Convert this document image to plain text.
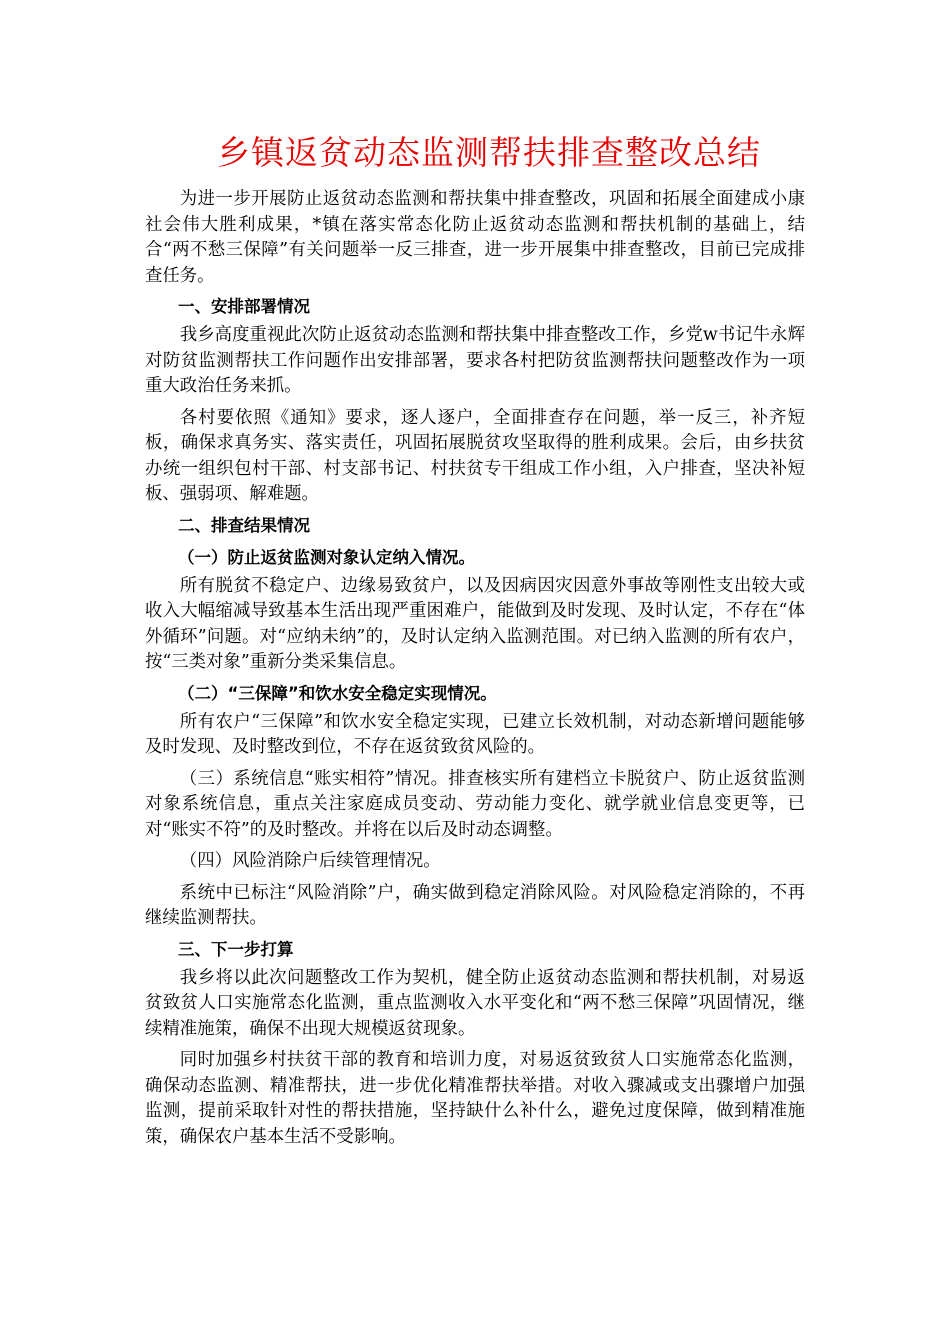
乡镇返贫动态监测帮扶排查整改总结

为进一步开展防止返贫动态监测和帮扶集中排查整改，巩固和拓展全面建成小康社会伟大胜利成果，*镇在落实常态化防止返贫动态监测和帮扶机制的基础上，结合“两不愁三保障”有关问题举一反三排查，进一步开展集中排查整改，目前已完成排查任务。

一、安排部署情况

我乡高度重视此次防止返贫动态监测和帮扶集中排查整改工作，乡党w书记牛永辉对防贫监测帮扶工作问题作出安排部署，要求各村把防贫监测帮扶问题整改作为一项重大政治任务来抓。

各村要依照《通知》要求，逐人逐户，全面排查存在问题，举一反三，补齐短板，确保求真务实、落实责任，巩固拓展脱贫攻坚取得的胜利成果。会后，由乡扶贫办统一组织包村干部、村支部书记、村扶贫专干组成工作小组，入户排查，坚决补短板、强弱项、解难题。

二、排查结果情况
（一）防止返贫监测对象认定纳入情况。

所有脱贫不稳定户、边缘易致贫户，以及因病因灾因意外事故等刚性支出较大或收入大幅缩减导致基本生活出现严重困难户，能做到及时发现、及时认定，不存在“体外循环”问题。对“应纳未纳”的，及时认定纳入监测范围。对已纳入监测的所有农户，按“三类对象”重新分类采集信息。

（二）“三保障”和饮水安全稳定实现情况。

所有农户“三保障”和饮水安全稳定实现，已建立长效机制，对动态新增问题能够及时发现、及时整改到位，不存在返贫致贫风险的。

（三）系统信息“账实相符”情况。排查核实所有建档立卡脱贫户、防止返贫监测对象系统信息，重点关注家庭成员变动、劳动能力变化、就学就业信息变更等，已对“账实不符”的及时整改。并将在以后及时动态调整。

（四）风险消除户后续管理情况。

系统中已标注“风险消除”户，确实做到稳定消除风险。对风险稳定消除的，不再继续监测帮扶。

三、下一步打算

我乡将以此次问题整改工作为契机，健全防止返贫动态监测和帮扶机制，对易返贫致贫人口实施常态化监测，重点监测收入水平变化和“两不愁三保障”巩固情况，继续精准施策，确保不出现大规模返贫现象。

同时加强乡村扶贫干部的教育和培训力度，对易返贫致贫人口实施常态化监测，确保动态监测、精准帮扶，进一步优化精准帮扶举措。对收入骤减或支出骤增户加强监测，提前采取针对性的帮扶措施，坚持缺什么补什么，避免过度保障，做到精准施策，确保农户基本生活不受影响。
